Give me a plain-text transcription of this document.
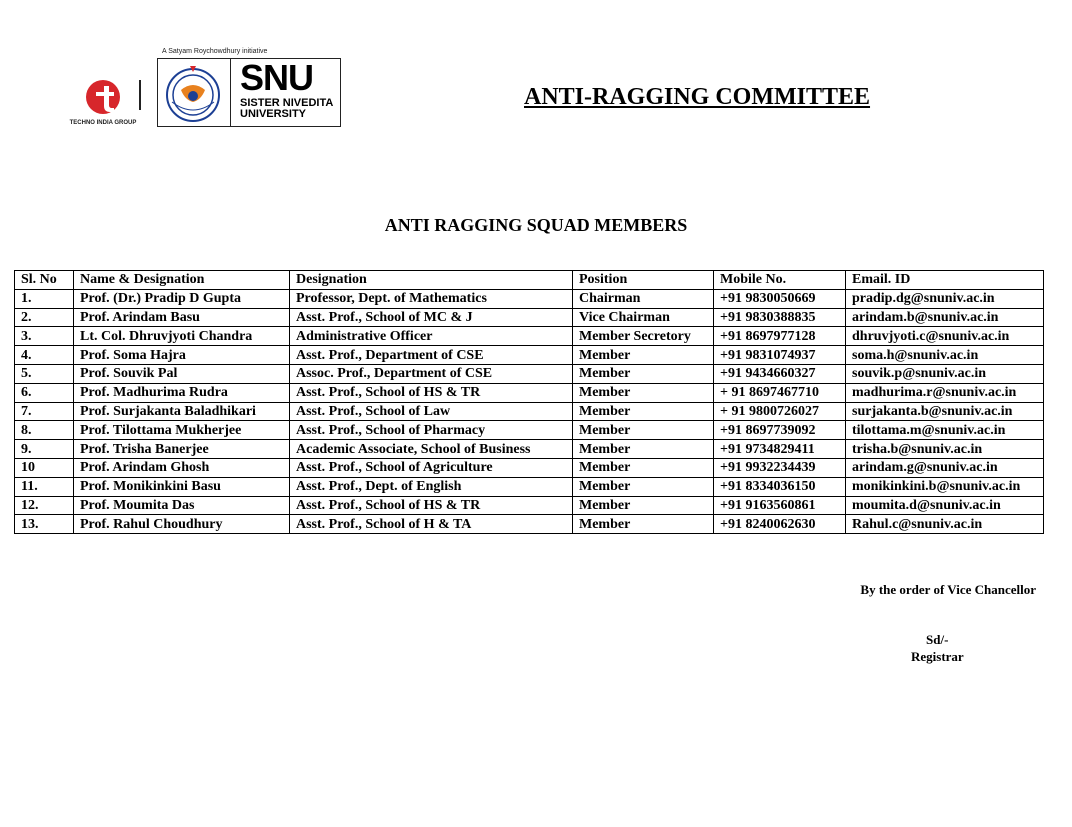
A Satyam Roychowdhury initiative
TECHNO INDIA GROUP
SNU
SISTER NIVEDITA
UNIVERSITY
ANTI-RAGGING COMMITTEE
ANTI RAGGING SQUAD MEMBERS
Sl. No	Name & Designation	Designation	Position	Mobile No.	Email. ID
1.	Prof. (Dr.) Pradip D Gupta	Professor, Dept. of Mathematics	Chairman	+91 9830050669	pradip.dg@snuniv.ac.in
2.	Prof. Arindam Basu	Asst. Prof., School of MC & J	Vice Chairman	+91 9830388835	arindam.b@snuniv.ac.in
3.	Lt. Col. Dhruvjyoti Chandra	Administrative Officer	Member Secretory	+91 8697977128	dhruvjyoti.c@snuniv.ac.in
4.	Prof. Soma Hajra	Asst. Prof., Department of CSE	Member	+91 9831074937	soma.h@snuniv.ac.in
5.	Prof. Souvik Pal	Assoc. Prof., Department of CSE	Member	+91 9434660327	souvik.p@snuniv.ac.in
6.	Prof. Madhurima Rudra	Asst. Prof., School of HS & TR	Member	+ 91 8697467710	madhurima.r@snuniv.ac.in
7.	Prof. Surjakanta Baladhikari	Asst. Prof., School of Law	Member	+ 91 9800726027	surjakanta.b@snuniv.ac.in
8.	Prof. Tilottama Mukherjee	Asst. Prof., School of Pharmacy	Member	+91 8697739092	tilottama.m@snuniv.ac.in
9.	Prof. Trisha Banerjee	Academic Associate, School of Business	Member	+91 9734829411	trisha.b@snuniv.ac.in
10	Prof. Arindam Ghosh	Asst. Prof., School of Agriculture	Member	+91 9932234439	arindam.g@snuniv.ac.in
11.	Prof. Monikinkini Basu	Asst. Prof., Dept. of English	Member	+91 8334036150	monikinkini.b@snuniv.ac.in
12.	Prof. Moumita Das	Asst. Prof., School of HS & TR	Member	+91 9163560861	moumita.d@snuniv.ac.in
13.	Prof. Rahul Choudhury	Asst. Prof., School of H & TA	Member	+91 8240062630	Rahul.c@snuniv.ac.in
By the order of Vice Chancellor
Sd/-
Registrar
